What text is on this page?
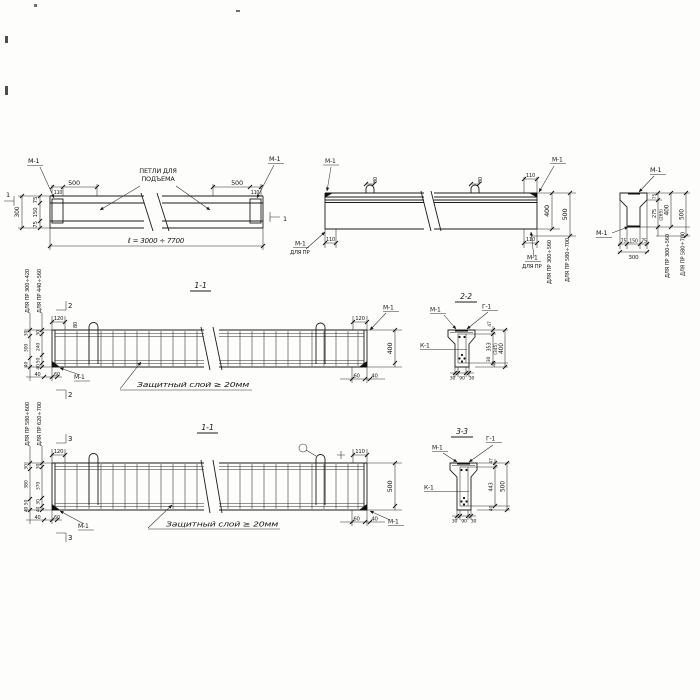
М-1	М-1
ПЕТЛИ ДЛЯ
ПОДЪЕМА
500	500
110	110
ℓ = 3000 ÷ 7700
75
150
75
300
1
1
М-1	М-1
80	80
110
110
М-1
ДЛЯ ПР
110
М-1
ДЛЯ ПР
400 500
ДЛЯ ПР 300÷560 ДЛЯ ПР 580÷700
М-1
М-1
75 150 75
300
75
275 (265) 400 500
ДЛЯ ПР 300÷560 ДЛЯ ПР 580÷700
1-1
2
2
120
80
М-1
М-1
Защитный слой ≥ 20мм
120
400
60 40
30
300
40
30
240
50
40
40	60
ДЛЯ ПР 300÷420 ДЛЯ ПР 440÷560
1-1
3
3
120
М-1	Защитный слой ≥ 20мм
110
500
60 40 М-1
30
380
50
40
30
370
30
40
40	60
ДЛЯ ПР 580÷600 ДЛЯ ПР 620÷700
2-2
М-1	Г-1
К-1
30 90 30
47
353 (345) 400
30
40
3-3
М-1
Г-1
К-1
30 90 30
47
443 500
40
